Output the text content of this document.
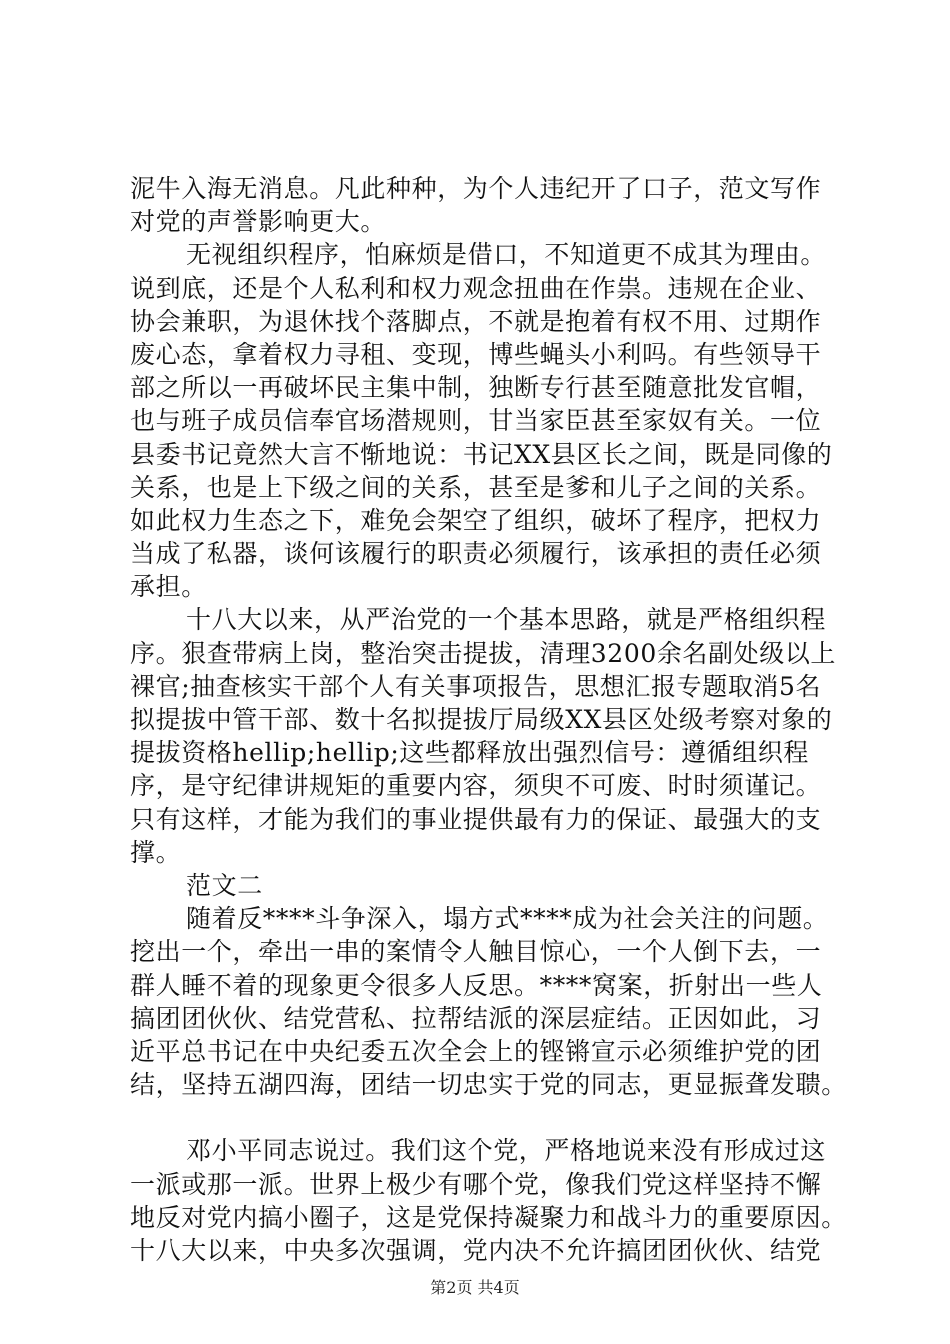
泥牛入海无消息。凡此种种，为个人违纪开了口子，范文写作
对党的声誉影响更大。
无视组织程序，怕麻烦是借口，不知道更不成其为理由。
说到底，还是个人私利和权力观念扭曲在作祟。违规在企业、
协会兼职，为退休找个落脚点，不就是抱着有权不用、过期作
废心态，拿着权力寻租、变现，博些蝇头小利吗。有些领导干
部之所以一再破坏民主集中制，独断专行甚至随意批发官帽，
也与班子成员信奉官场潜规则，甘当家臣甚至家奴有关。一位
县委书记竟然大言不惭地说：书记XX县区长之间，既是同像的
关系，也是上下级之间的关系，甚至是爹和儿子之间的关系。
如此权力生态之下，难免会架空了组织，破坏了程序，把权力
当成了私器，谈何该履行的职责必须履行，该承担的责任必须
承担。
十八大以来，从严治党的一个基本思路，就是严格组织程
序。狠查带病上岗，整治突击提拔，清理3200余名副处级以上
裸官;抽查核实干部个人有关事项报告，思想汇报专题取消5名
拟提拔中管干部、数十名拟提拔厅局级XX县区处级考察对象的
提拔资格hellip;hellip;这些都释放出强烈信号：遵循组织程
序，是守纪律讲规矩的重要内容，须臾不可废、时时须谨记。
只有这样，才能为我们的事业提供最有力的保证、最强大的支
撑。
范文二
随着反****斗争深入，塌方式****成为社会关注的问题。
挖出一个，牵出一串的案情令人触目惊心，一个人倒下去，一
群人睡不着的现象更令很多人反思。****窝案，折射出一些人
搞团团伙伙、结党营私、拉帮结派的深层症结。正因如此，习
近平总书记在中央纪委五次全会上的铿锵宣示必须维护党的团
结，坚持五湖四海，团结一切忠实于党的同志，更显振聋发聩。
邓小平同志说过。我们这个党，严格地说来没有形成过这
一派或那一派。世界上极少有哪个党，像我们党这样坚持不懈
地反对党内搞小圈子，这是党保持凝聚力和战斗力的重要原因。
十八大以来，中央多次强调，党内决不允许搞团团伙伙、结党
第2页 共4页
